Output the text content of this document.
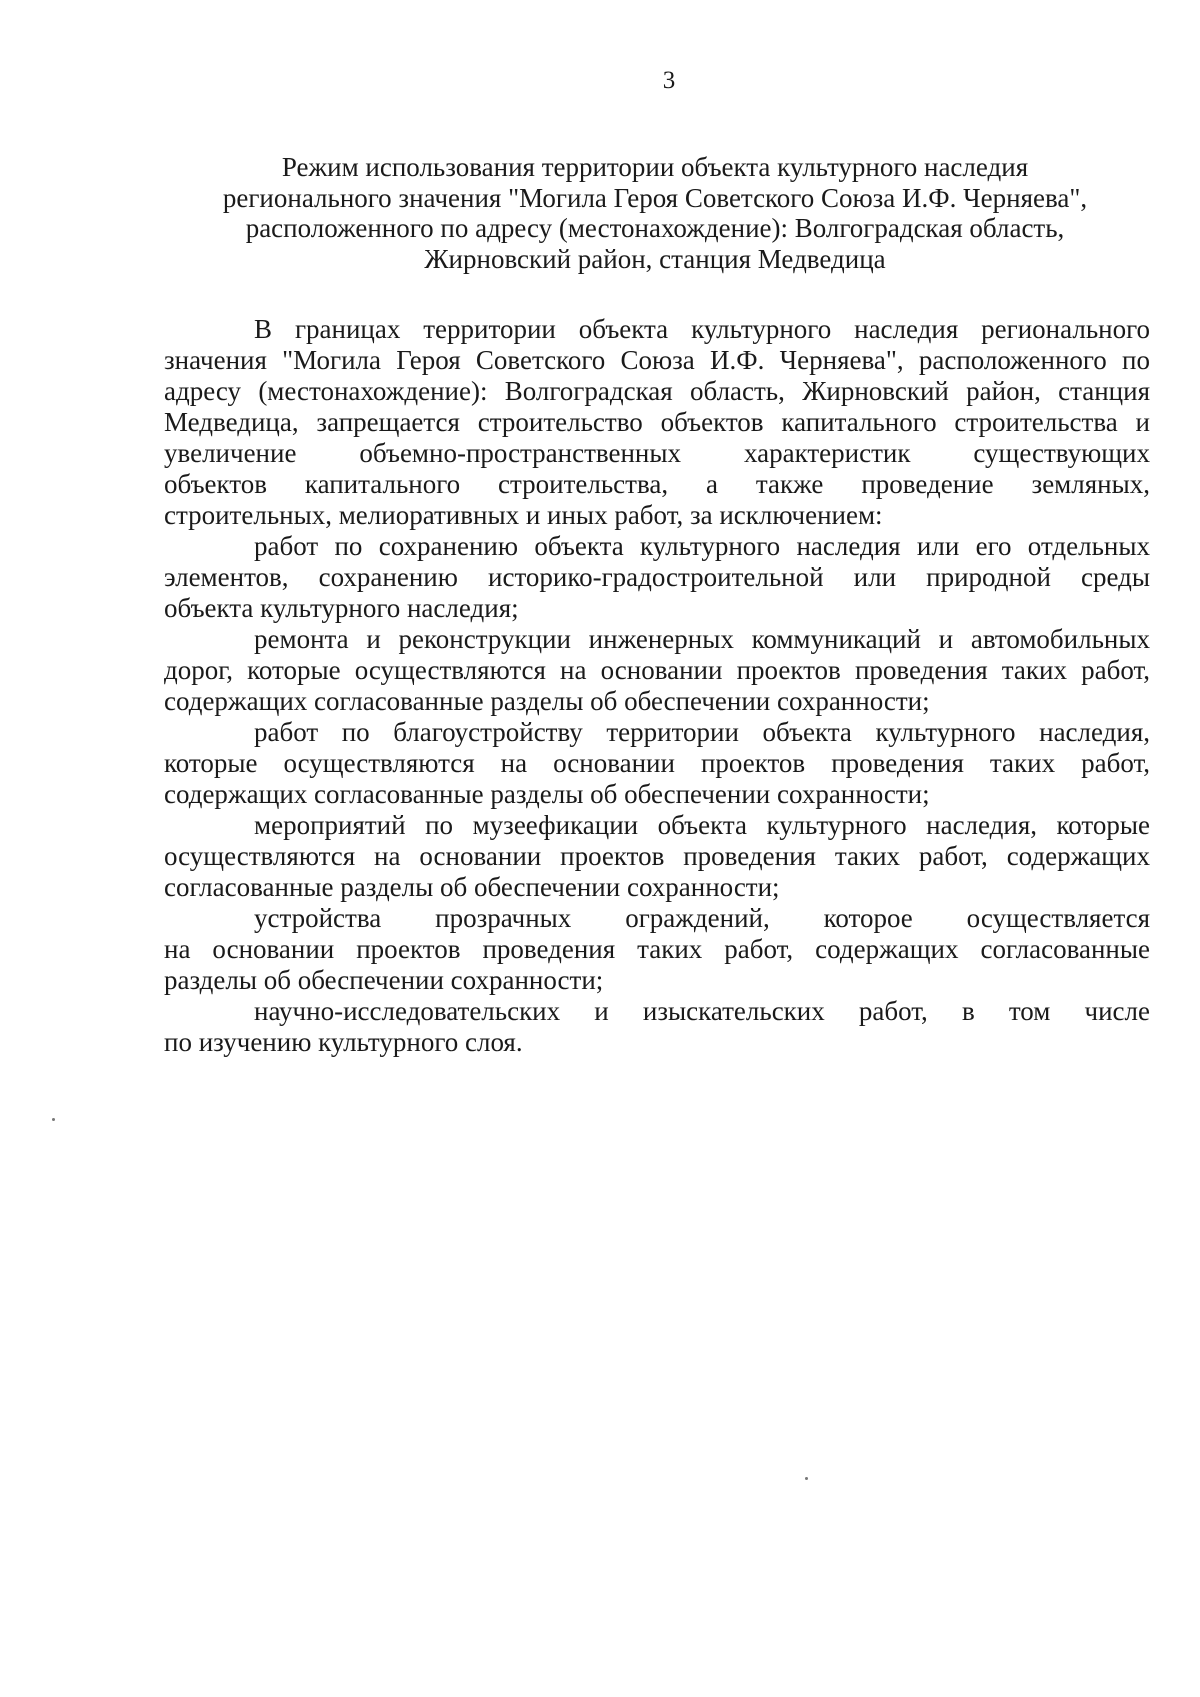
3
Режим использования территории объекта культурного наследия
регионального значения "Могила Героя Советского Союза И.Ф. Черняева",
расположенного по адресу (местонахождение): Волгоградская область,
Жирновский район, станция Медведица

В границах территории объекта культурного наследия регионального
значения "Могила Героя Советского Союза И.Ф. Черняева", расположенного по
адресу (местонахождение): Волгоградская область, Жирновский район, станция
Медведица, запрещается строительство объектов капитального строительства и
увеличение объемно-пространственных характеристик существующих
объектов капитального строительства, а также проведение земляных,
строительных, мелиоративных и иных работ, за исключением:

работ по сохранению объекта культурного наследия или его отдельных
элементов, сохранению историко-градостроительной или природной среды
объекта культурного наследия;

ремонта и реконструкции инженерных коммуникаций и автомобильных
дорог, которые осуществляются на основании проектов проведения таких работ,
содержащих согласованные разделы об обеспечении сохранности;

работ по благоустройству территории объекта культурного наследия,
которые осуществляются на основании проектов проведения таких работ,
содержащих согласованные разделы об обеспечении сохранности;

мероприятий по музеефикации объекта культурного наследия, которые
осуществляются на основании проектов проведения таких работ, содержащих
согласованные разделы об обеспечении сохранности;

устройства прозрачных ограждений, которое осуществляется
на основании проектов проведения таких работ, содержащих согласованные
разделы об обеспечении сохранности;

научно-исследовательских и изыскательских работ, в том числе
по изучению культурного слоя.
